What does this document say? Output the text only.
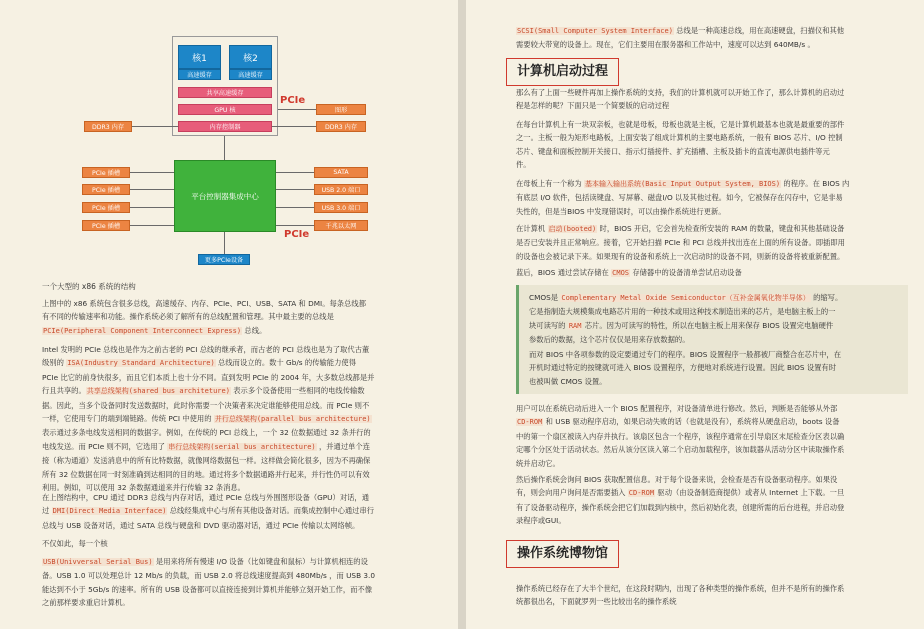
核1
高速缓存
核2
高速缓存
共享高速缓存
GPU 核
内存控制器
DDR3 内存	DDR3 内存
图形
PCIe
平台控制器集成中心
PCIe 插槽
PCIe 插槽
PCIe 插槽
PCIe 插槽
SATA
USB 2.0 端口
USB 3.0 端口
千兆以太网
PCIe
更多PCIe设备
一个大型的 x86 系统的结构
上图中的 x86 系统包含很多总线，高速缓存、内存、PCIe、PCI、USB、SATA 和 DMI。每条总线都
有不同的传输速率和功能。操作系统必须了解所有的总线配置和管理。其中最主要的总线是
PCIe(Peripheral Component Interconnect Express) 总线。
Intel 发明的 PCIe 总线也是作为之前古老的 PCI 总线的继承者，而古老的 PCI 总线也是为了取代古董
级别的 ISA(Industry Standard Architecture) 总线而设立的。数十 Gb/s 的传输能力使得
PCIe 比它的前身快很多，而且它们本质上也十分不同。直到发明 PCIe 的 2004 年，大多数总线都是并
行且共享的。共享总线架构(shared bus architeture) 表示多个设备使用一些相同的电线传输数
据。因此，当多个设备同时发送数据时，此时你需要一个决策者来决定谁能够使用总线。而 PCIe 则不
一样，它使用专门的端到端链路。传统 PCI 中使用的 并行总线架构(parallel bus architecture)
表示通过多条电线发送相同的数据字。例如，在传统的 PCI 总线上，一个 32 位数据通过 32 条并行的
电线发送。而 PCIe 则不同，它选用了 串行总线架构(serial bus architecture) ，并通过单个连
接（称为通道）发送消息中的所有比特数据，就像网络数据包一样。这样做会简化很多，因为不再确保
所有 32 位数据在同一时刻准确到达相同的目的地。通过将多个数据通路并行起来，并行性仍可以有效
利用。例如，可以使用 32 条数据通道来并行传输 32 条消息。
在上图结构中，CPU 通过 DDR3 总线与内存对话，通过 PCIe 总线与外围图形设备（GPU）对话，通
过 DMI(Direct Media Interface) 总线经集成中心与所有其他设备对话。而集成控制中心通过串行
总线与 USB 设备对话，通过 SATA 总线与硬盘和 DVD 驱动器对话，通过 PCIe 传输以太网络帧。
不仅如此，每一个核
USB(Univversal Serial Bus) 是用来将所有慢速 I/O 设备（比如键盘和鼠标）与计算机相连的设
备。USB 1.0 可以处理总计 12 Mb/s 的负载，而 USB 2.0 将总线速度提高到 480Mb/s ，而 USB 3.0
能达到不小于 5Gb/s 的速率。所有的 USB 设备都可以直接连接到计算机并能够立刻开始工作，而不像
之前那样要求重启计算机。
SCSI(Small Computer System Interface) 总线是一种高速总线，用在高速硬盘，扫描仪和其他
需要较大带宽的设备上。现在，它们主要用在服务器和工作站中，速度可以达到 640MB/s 。
计算机启动过程
那么有了上面一些硬件再加上操作系统的支持，我们的计算机就可以开始工作了，那么计算机的启动过
程是怎样的呢？下面只是一个简要版的启动过程
在每台计算机上有一块双亲板，也就是母板，母板也就是主板，它是计算机最基本也就是最重要的部件
之一。主板一般为矩形电路板，上面安装了组成计算机的主要电路系统，一般有 BIOS 芯片、I/O 控制
芯片、键盘和面板控制开关接口、指示灯插接件、扩充插槽、主板及插卡的直流电源供电插件等元
件。
在母板上有一个称为 基本输入输出系统(Basic Input Output System, BIOS) 的程序。在 BIOS 内
有底层 I/O 软件，包括读键盘、写屏幕、磁盘I/O 以及其他过程。如今，它被保存在闪存中，它是非易
失性的，但是当BIOS 中发现错误时，可以由操作系统进行更新。
在计算机 启动(booted) 时，BIOS 开启，它会首先检查所安装的 RAM 的数量，键盘和其他基础设备
是否已安装并且正常响应。接着，它开始扫描 PCIe 和 PCI 总线并找出连在上面的所有设备。即插即用
的设备也会被记录下来。如果现有的设备和系统上一次启动时的设备不同，则新的设备将被重新配置。
蓝后，BIOS 通过尝试存储在 CMOS 存储器中的设备清单尝试启动设备
CMOS是 Complementary Metal Oxide Semiconductor（互补金属氧化物半导体） 的缩写。
它是指制造大规模集成电路芯片用的一种技术或用这种技术制造出来的芯片，是电脑主板上的一
块可读写的 RAM 芯片。因为可读写的特性，所以在电脑主板上用来保存 BIOS 设置完电脑硬件
参数后的数据，这个芯片仅仅是用来存放数据的。
而对 BIOS 中各项参数的设定要通过专门的程序。BIOS 设置程序一般都被厂商整合在芯片中，在
开机时通过特定的按键就可进入 BIOS 设置程序，方便地对系统进行设置。因此 BIOS 设置有时
也被叫做 CMOS 设置。
用户可以在系统启动后进入一个 BIOS 配置程序，对设备清单进行修改。然后，判断是否能够从外部
CD-ROM 和 USB 驱动程序启动，如果启动失败的话（也就是没有），系统将从硬盘启动，boots 设备
中的第一个扇区被读入内存并执行。该扇区包含一个程序，该程序通常在引导扇区末尾检查分区表以确
定哪个分区处于活动状态。然后从该分区读入第二个启动加载程序，该加载器从活动分区中读取操作系
统并启动它。
然后操作系统会询问 BIOS 获取配置信息。对于每个设备来说，会检查是否有设备驱动程序。如果没
有，则会向用户询问是否需要插入 CD-ROM 驱动（由设备制造商提供）或者从 Internet 上下载。一旦
有了设备驱动程序，操作系统会把它们加载到内核中，然后初始化表，创建所需的后台进程，并启动登
录程序或GUI。
操作系统博物馆
操作系统已经存在了大半个世纪，在这段时期内，出现了各种类型的操作系统，但并不是所有的操作系
统都很出名，下面就罗列一些比较出名的操作系统
